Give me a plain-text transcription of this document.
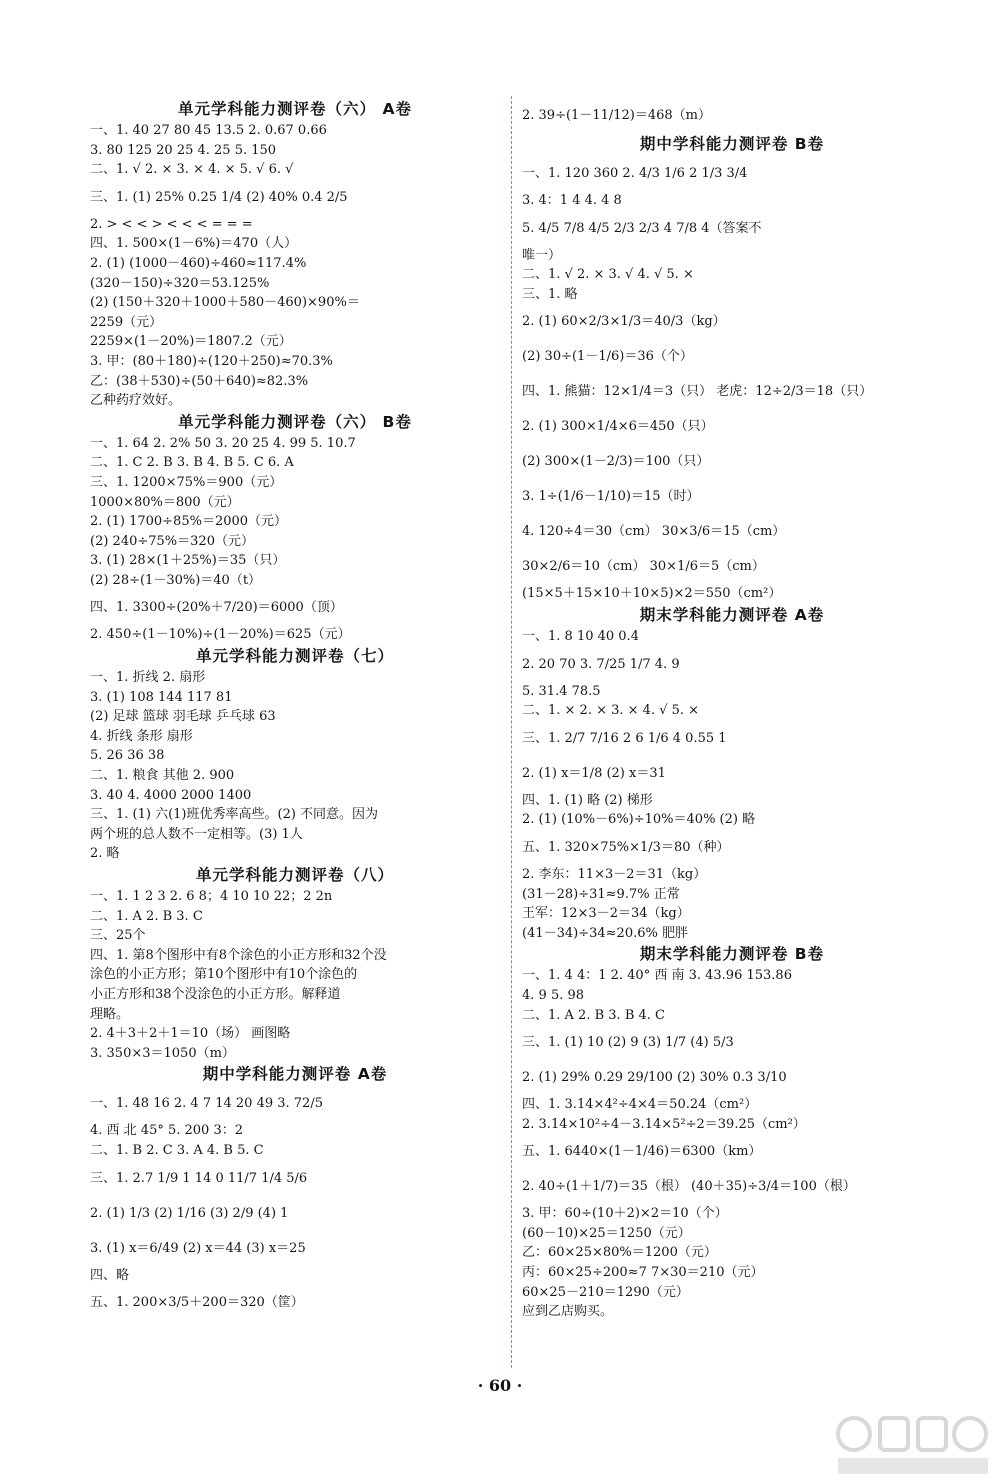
单元学科能力测评卷（六） A卷
一、1. 40 27 80 45 13.5 2. 0.67 0.66
3. 80 125 20 25 4. 25 5. 150
二、1. √ 2. × 3. × 4. × 5. √ 6. √
三、1. (1) 25% 0.25 1/4 (2) 40% 0.4 2/5
2. > < < > < < < = = =
四、1. 500×(1－6%)＝470（人）
2. (1) (1000－460)÷460≈117.4%
(320－150)÷320＝53.125%
(2) (150＋320＋1000＋580－460)×90%＝
2259（元）
2259×(1－20%)＝1807.2（元）
3. 甲：(80＋180)÷(120＋250)≈70.3%
乙：(38＋530)÷(50＋640)≈82.3%
乙种药疗效好。
单元学科能力测评卷（六） B卷
一、1. 64 2. 2% 50 3. 20 25 4. 99 5. 10.7
二、1. C 2. B 3. B 4. B 5. C 6. A
三、1. 1200×75%＝900（元）
1000×80%＝800（元）
2. (1) 1700÷85%＝2000（元）
(2) 240÷75%＝320（元）
3. (1) 28×(1＋25%)＝35（只）
(2) 28÷(1－30%)＝40（t）
四、1. 3300÷(20%＋7/20)＝6000（顶）
2. 450÷(1－10%)÷(1－20%)＝625（元）
单元学科能力测评卷（七）
一、1. 折线 2. 扇形
3. (1) 108 144 117 81
(2) 足球 篮球 羽毛球 乒乓球 63
4. 折线 条形 扇形
5. 26 36 38
二、1. 粮食 其他 2. 900
3. 40 4. 4000 2000 1400
三、1. (1) 六(1)班优秀率高些。(2) 不同意。因为
两个班的总人数不一定相等。(3) 1人
2. 略
单元学科能力测评卷（八）
一、1. 1 2 3 2. 6 8；4 10 10 22；2 2n
二、1. A 2. B 3. C
三、25个
四、1. 第8个图形中有8个涂色的小正方形和32个没
涂色的小正方形；第10个图形中有10个涂色的
小正方形和38个没涂色的小正方形。解释道
理略。
2. 4＋3＋2＋1＝10（场） 画图略
3. 350×3＝1050（m）
期中学科能力测评卷 A卷
一、1. 48 16 2. 4 7 14 20 49 3. 72/5
4. 西 北 45° 5. 200 3：2
二、1. B 2. C 3. A 4. B 5. C
三、1. 2.7 1/9 1 14 0 11/7 1/4 5/6
2. (1) 1/3 (2) 1/16 (3) 2/9 (4) 1
3. (1) x＝6/49 (2) x＝44 (3) x＝25
四、略
五、1. 200×3/5＋200＝320（筐）
2. 39÷(1－11/12)＝468（m）
期中学科能力测评卷 B卷
一、1. 120 360 2. 4/3 1/6 2 1/3 3/4
3. 4：1 4 4. 4 8
5. 4/5 7/8 4/5 2/3 2/3 4 7/8 4（答案不
唯一）
二、1. √ 2. × 3. √ 4. √ 5. ×
三、1. 略
2. (1) 60×2/3×1/3＝40/3（kg）
(2) 30÷(1－1/6)＝36（个）
四、1. 熊猫：12×1/4＝3（只） 老虎：12÷2/3＝18（只）
2. (1) 300×1/4×6＝450（只）
(2) 300×(1－2/3)＝100（只）
3. 1÷(1/6－1/10)＝15（时）
4. 120÷4＝30（cm） 30×3/6＝15（cm）
30×2/6＝10（cm） 30×1/6＝5（cm）
(15×5＋15×10＋10×5)×2＝550（cm²）
期末学科能力测评卷 A卷
一、1. 8 10 40 0.4
2. 20 70 3. 7/25 1/7 4. 9
5. 31.4 78.5
二、1. × 2. × 3. × 4. √ 5. ×
三、1. 2/7 7/16 2 6 1/6 4 0.55 1
2. (1) x＝1/8 (2) x＝31
四、1. (1) 略 (2) 梯形
2. (1) (10%－6%)÷10%＝40% (2) 略
五、1. 320×75%×1/3＝80（种）
2. 李东：11×3－2＝31（kg）
(31－28)÷31≈9.7% 正常
王军：12×3－2＝34（kg）
(41－34)÷34≈20.6% 肥胖
期末学科能力测评卷 B卷
一、1. 4 4：1 2. 40° 西 南 3. 43.96 153.86
4. 9 5. 98
二、1. A 2. B 3. B 4. C
三、1. (1) 10 (2) 9 (3) 1/7 (4) 5/3
2. (1) 29% 0.29 29/100 (2) 30% 0.3 3/10
四、1. 3.14×4²÷4×4＝50.24（cm²）
2. 3.14×10²÷4－3.14×5²÷2＝39.25（cm²）
五、1. 6440×(1－1/46)＝6300（km）
2. 40÷(1＋1/7)＝35（根） (40＋35)÷3/4＝100（根）
3. 甲：60÷(10＋2)×2＝10（个）
(60－10)×25＝1250（元）
乙：60×25×80%＝1200（元）
丙：60×25÷200≈7 7×30＝210（元）
60×25－210＝1290（元）
应到乙店购买。
· 60 ·
